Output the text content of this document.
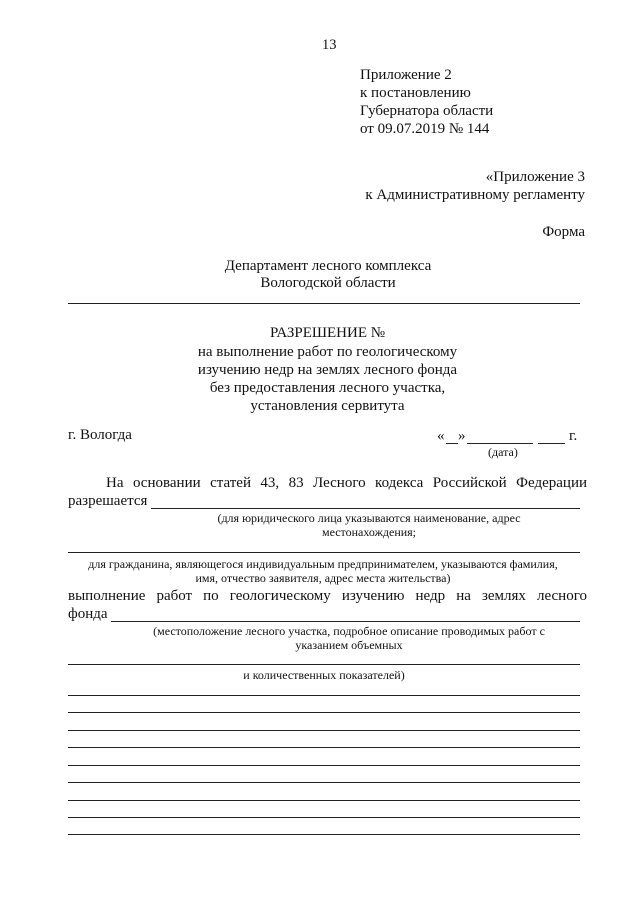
13
Приложение 2
к постановлению
Губернатора области
от 09.07.2019 № 144
«Приложение 3
к Административному регламенту
Форма
Департамент лесного комплекса
Вологодской области
РАЗРЕШЕНИЕ №
на выполнение работ по геологическому
изучению недр на землях лесного фонда
без предоставления лесного участка,
установления сервитута
г. Вологда	« »	г.
(дата)
На основании статей 43, 83 Лесного кодекса Российской Федерации
разрешается
(для юридического лица указываются наименование, адрес
местонахождения;
для гражданина, являющегося индивидуальным предпринимателем, указываются фамилия,
имя, отчество заявителя, адрес места жительства)
выполнение работ по геологическому изучению недр на землях лесного
фонда
(местоположение лесного участка, подробное описание проводимых работ с
указанием объемных
и количественных показателей)
